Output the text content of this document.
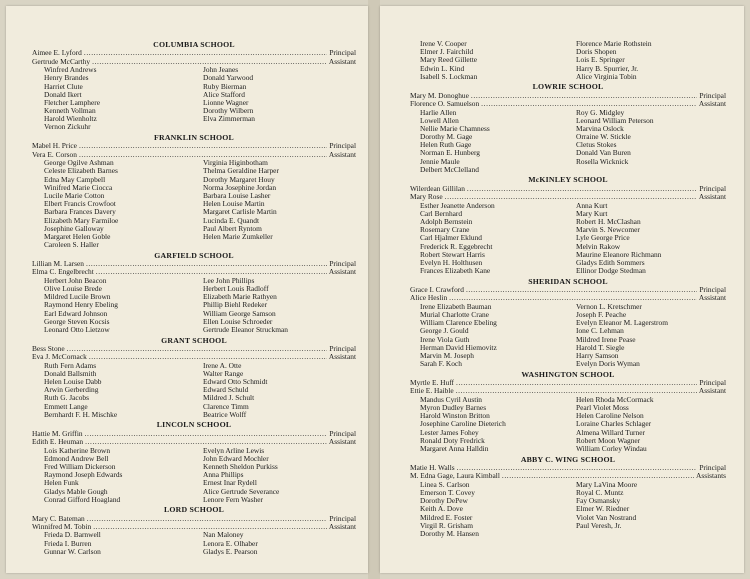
COLUMBIA SCHOOL
Aimee E. Lyford .....	Principal
Gertrude McCarthy .....	Assistant
Winfred Andrews	John Jeanes
Henry Brandes	Donald Yarwood
Harriet Clute	Ruby Bierman
Donald Ikert	Alice Stafford
Fletcher Lamphere	Lionne Wagner
Kenneth Vollman	Dorothy Wilbern
Harold Wienholtz	Elva Zimmerman
Vernon Zickuhr
FRANKLIN SCHOOL
Mabel H. Price .....	Principal
Vera E. Corson .....	Assistant
George Ogilve Ashman	Virginia Higinbotham
Celeste Elizabeth Barnes	Thelma Geraldine Harper
Edna May Campbell	Dorothy Margaret Houy
Winifred Marie Ciocca	Norma Josephine Jordan
Lucile Marie Cotton	Barbara Louise Lasher
Elbert Francis Crowfoot	Helen Louise Martin
Barbara Frances Davery	Margaret Carlisle Martin
Elizabeth Mary Farmiloe	Lucinda E. Quandt
Josephine Galloway	Paul Albert Ryntom
Margaret Helen Goble	Helen Marie Zumkeller
Caroleen S. Haller
GARFIELD SCHOOL
Lillian M. Larsen .....	Principal
Elma C. Engelbrecht .....	Assistant
Herbert John Beacon	Lee John Phillips
Olive Louise Brede	Herbert Louis Radloff
Mildred Lucile Brown	Elizabeth Marie Rathyen
Raymond Henry Ebeling	Phillip Biehl Redeker
Earl Edward Johnson	William George Samson
George Steven Kocsis	Ellen Louise Schroeder
Leonard Otto Lietzow	Gertrude Eleanor Struckman
GRANT SCHOOL
Bess Stone .....	Principal
Eva J. McCornack .....	Assistant
Ruth Fern Adams	Irene A. Otte
Donald Ballsmith	Walter Range
Helen Louise Dabb	Edward Otto Schmidt
Arwin Gerberding	Edward Schuld
Ruth G. Jacobs	Mildred J. Schult
Emmett Lange	Clarence Timm
Bernhardt F. H. Mischke	Beatrice Wolff
LINCOLN SCHOOL
Hattie M. Griffin .....	Principal
Edith E. Heuman .....	Assistant
Lois Katherine Brown	Evelyn Arline Lewis
Edmond Andrew Bell	John Edward Mochler
Fred William Dickerson	Kenneth Sheldon Purkiss
Raymond Joseph Edwards	Anna Phillips
Helen Funk	Ernest Inar Rydell
Gladys Mable Gough	Alice Gertrude Severance
Conrad Gifford Hoagland	Lenore Fern Washer
LORD SCHOOL
Mary C. Bateman .....	Principal
Winnifred M. Tobin .....	Assistant
Frieda D. Barnwell	Nan Maloney
Frieda I. Burren	Lenora E. Olhaber
Gunnar W. Carlson	Gladys E. Pearson
Irene V. Cooper	Florence Marie Rothstein
Elmer J. Fairchild	Doris Shopen
Mary Reed Gillette	Lois E. Springer
Edwin L. Kind	Harry B. Spurrier, Jr.
Isabell S. Lockman	Alice Virginia Tobin
LOWRIE SCHOOL
Mary M. Donoghue .....	Principal
Florence O. Samuelson .....	Assistant
Harlie Allen	Roy G. Midgley
Lowell Allen	Leonard William Peterson
Nellie Marie Chamness	Marvina Oslock
Dorothy M. Gage	Orraine W. Stickle
Helen Ruth Gage	Cletus Stokes
Norman E. Hunberg	Donald Van Buren
Jennie Maule	Rosella Wicknick
Delbert McClelland
McKINLEY SCHOOL
Wilerdean Gillilan .....	Principal
Mary Rose .....	Assistant
Esther Jeanette Anderson	Anna Kurt
Carl Bernhard	Mary Kurt
Adolph Bernstein	Robert H. McClashan
Rosemary Crane	Marvin S. Newcomer
Carl Hjalmer Eklund	Lyle George Price
Frederick R. Eggebrecht	Melvin Rakow
Robert Stewart Harris	Maurine Eleanore Richmann
Evelyn H. Holthusen	Gladys Edith Sommers
Frances Elizabeth Kane	Ellinor Dodge Stedman
SHERIDAN SCHOOL
Grace I. Crawford .....	Principal
Alice Heslin .....	Assistant
Irene Elizabeth Bauman	Vernon L. Kretschmer
Murial Charlotte Crane	Joseph F. Peache
William Clarence Ebeling	Evelyn Eleanor M. Lagerstrom
George J. Gould	Ione C. Lehman
Irene Viola Guth	Mildred Irene Pease
Herman David Hiemovitz	Harold T. Siegle
Marvin M. Joseph	Harry Samson
Sarah F. Koch	Evelyn Doris Wyman
WASHINGTON SCHOOL
Myrtle E. Huff .....	Principal
Ettie E. Haible .....	Assistant
Mandus Cyril Austin	Helen Rhoda McCormack
Myron Dudley Barnes	Pearl Violet Moss
Harold Winston Britton	Helen Caroline Nelson
Josephine Caroline Dieterich	Loraine Charles Schlager
Lester James Fohey	Almena Willard Turner
Ronald Doty Fredrick	Robert Moon Wagner
Margaret Anna Halldin	William Corley Windau
ABBY C. WING SCHOOL
Matie H. Walls .....	Principal
M. Edna Gage, Laura Kimball .....	Assistants
Linea S. Carlson	Mary LaVina Moore
Emerson T. Covey	Royal C. Muntz
Dorothy DePew	Fay Osmansky
Keith A. Dove	Elmer W. Riedner
Mildred E. Foster	Violet Van Nostrand
Virgil R. Grisham	Paul Veresh, Jr.
Dorothy M. Hansen
